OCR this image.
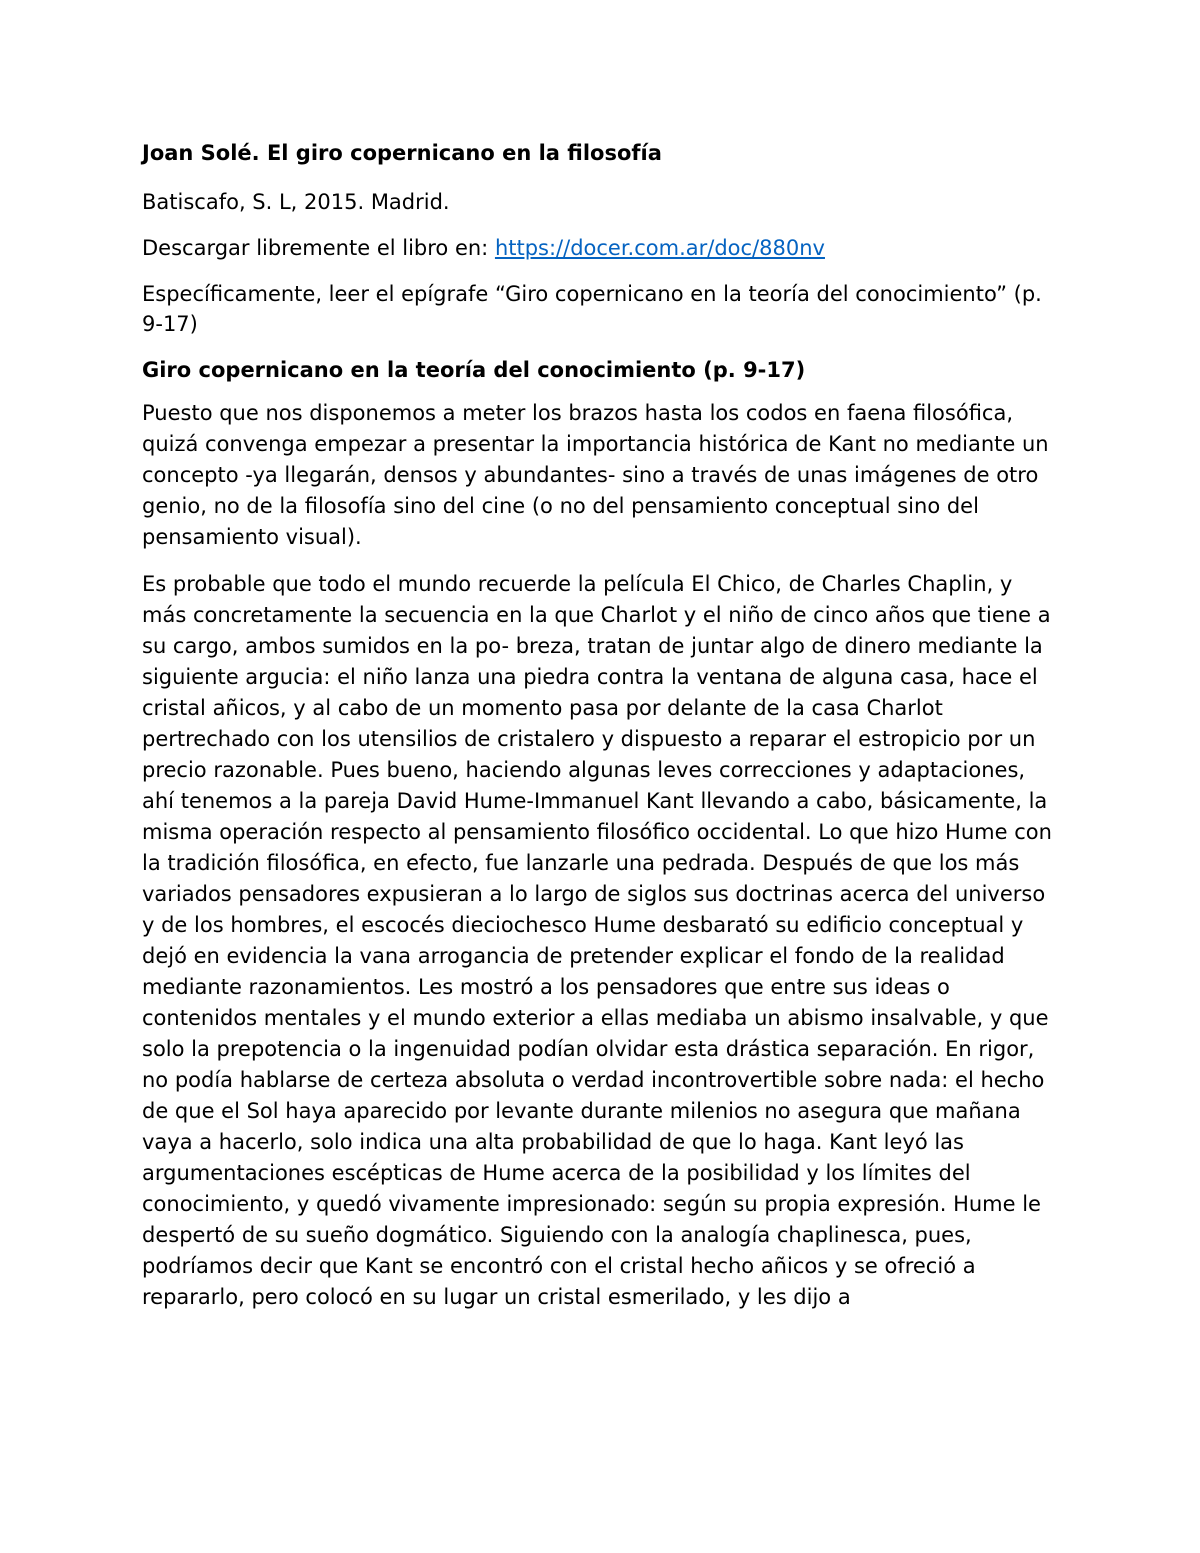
Joan Solé. El giro copernicano en la filosofía
Batiscafo, S. L, 2015. Madrid.
Descargar libremente el libro en: https://docer.com.ar/doc/880nv
Específicamente, leer el epígrafe “Giro copernicano en la teoría del conocimiento” (p. 9-17)
Giro copernicano en la teoría del conocimiento (p. 9-17)

Puesto que nos disponemos a meter los brazos hasta los codos en faena filosófica, quizá convenga empezar a presentar la importancia histórica de Kant no mediante un concepto -ya llegarán, densos y abundantes- sino a través de unas imágenes de otro genio, no de la filosofía sino del cine (o no del pensamiento conceptual sino del pensamiento visual).

Es probable que todo el mundo recuerde la película El Chico, de Charles Chaplin, y más concretamente la secuencia en la que Charlot y el niño de cinco años que tiene a su cargo, ambos sumidos en la po- breza, tratan de juntar algo de dinero mediante la siguiente argucia: el niño lanza una piedra contra la ventana de alguna casa, hace el cristal añicos, y al cabo de un momento pasa por delante de la casa Charlot pertrechado con los utensilios de cristalero y dispuesto a reparar el estropicio por un precio razonable. Pues bueno, haciendo algunas leves correcciones y adaptaciones, ahí tenemos a la pareja David Hume-Immanuel Kant llevando a cabo, básicamente, la misma operación respecto al pensamiento filosófico occidental. Lo que hizo Hume con la tradición filosófica, en efecto, fue lanzarle una pedrada. Después de que los más variados pensadores expusieran a lo largo de siglos sus doctrinas acerca del universo y de los hombres, el escocés dieciochesco Hume desbarató su edificio conceptual y dejó en evidencia la vana arrogancia de pretender explicar el fondo de la realidad mediante razonamientos. Les mostró a los pensadores que entre sus ideas o contenidos mentales y el mundo exterior a ellas mediaba un abismo insalvable, y que solo la prepotencia o la ingenuidad podían olvidar esta drástica separación. En rigor, no podía hablarse de certeza absoluta o verdad incontrovertible sobre nada: el hecho de que el Sol haya aparecido por levante durante milenios no asegura que mañana vaya a hacerlo, solo indica una alta probabilidad de que lo haga. Kant leyó las argumentaciones escépticas de Hume acerca de la posibilidad y los límites del conocimiento, y quedó vivamente impresionado: según su propia expresión. Hume le despertó de su sueño dogmático. Siguiendo con la analogía chaplinesca, pues, podríamos decir que Kant se encontró con el cristal hecho añicos y se ofreció a repararlo, pero colocó en su lugar un cristal esmerilado, y les dijo a
